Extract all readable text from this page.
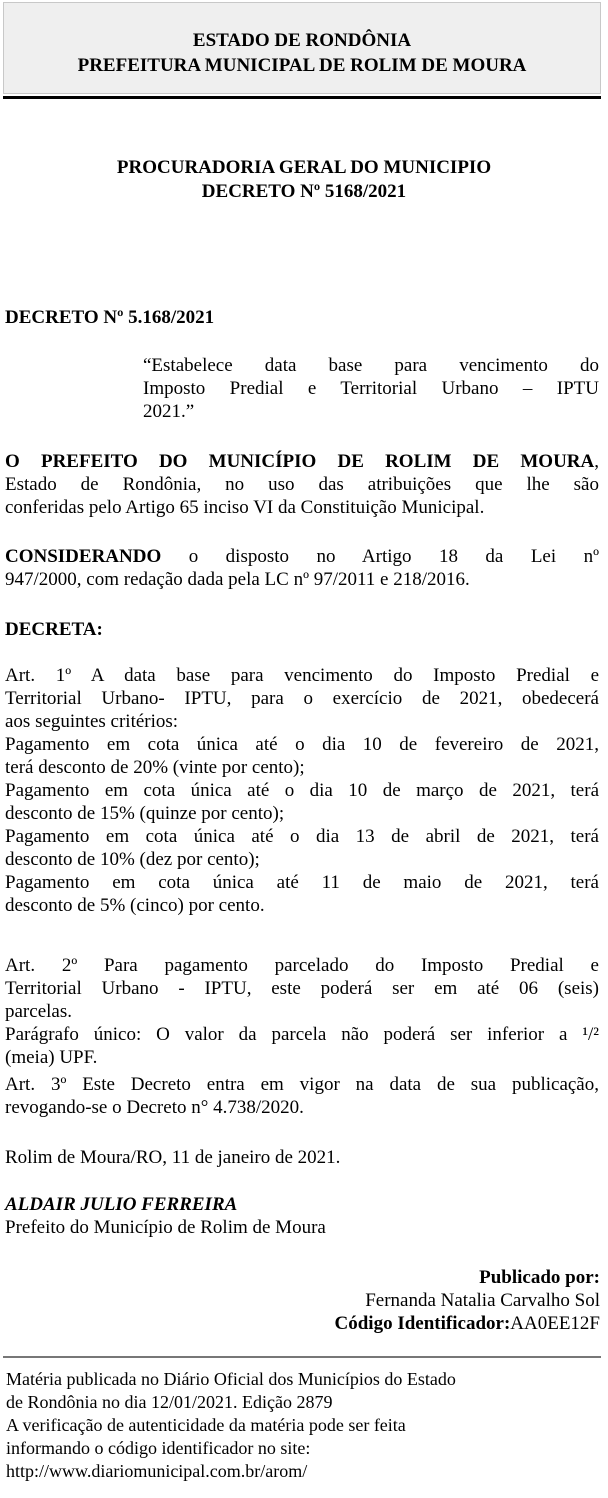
ESTADO DE RONDÔNIA
PREFEITURA MUNICIPAL DE ROLIM DE MOURA
PROCURADORIA GERAL DO MUNICIPIO
DECRETO Nº 5168/2021
DECRETO Nº 5.168/2021
“Estabelece data base para vencimento do
Imposto Predial e Territorial Urbano – IPTU
2021.”
O PREFEITO DO MUNICÍPIO DE ROLIM DE MOURA,
Estado de Rondônia, no uso das atribuições que lhe são
conferidas pelo Artigo 65 inciso VI da Constituição Municipal.
CONSIDERANDO o disposto no Artigo 18 da Lei nº
947/2000, com redação dada pela LC nº 97/2011 e 218/2016.
DECRETA:
Art. 1º A data base para vencimento do Imposto Predial e
Territorial Urbano- IPTU, para o exercício de 2021, obedecerá
aos seguintes critérios:
Pagamento em cota única até o dia 10 de fevereiro de 2021,
terá desconto de 20% (vinte por cento);
Pagamento em cota única até o dia 10 de março de 2021, terá
desconto de 15% (quinze por cento);
Pagamento em cota única até o dia 13 de abril de 2021, terá
desconto de 10% (dez por cento);
Pagamento em cota única até 11 de maio de 2021, terá
desconto de 5% (cinco) por cento.
Art. 2º Para pagamento parcelado do Imposto Predial e
Territorial Urbano - IPTU, este poderá ser em até 06 (seis)
parcelas.
Parágrafo único: O valor da parcela não poderá ser inferior a ¹/²
(meia) UPF.
Art. 3º Este Decreto entra em vigor na data de sua publicação,
revogando-se o Decreto n° 4.738/2020.
Rolim de Moura/RO, 11 de janeiro de 2021.
ALDAIR JULIO FERREIRA
Prefeito do Município de Rolim de Moura
Publicado por:
Fernanda Natalia Carvalho Sol
Código Identificador:AA0EE12F
Matéria publicada no Diário Oficial dos Municípios do Estado
de Rondônia no dia 12/01/2021. Edição 2879
A verificação de autenticidade da matéria pode ser feita
informando o código identificador no site:
http://www.diariomunicipal.com.br/arom/
